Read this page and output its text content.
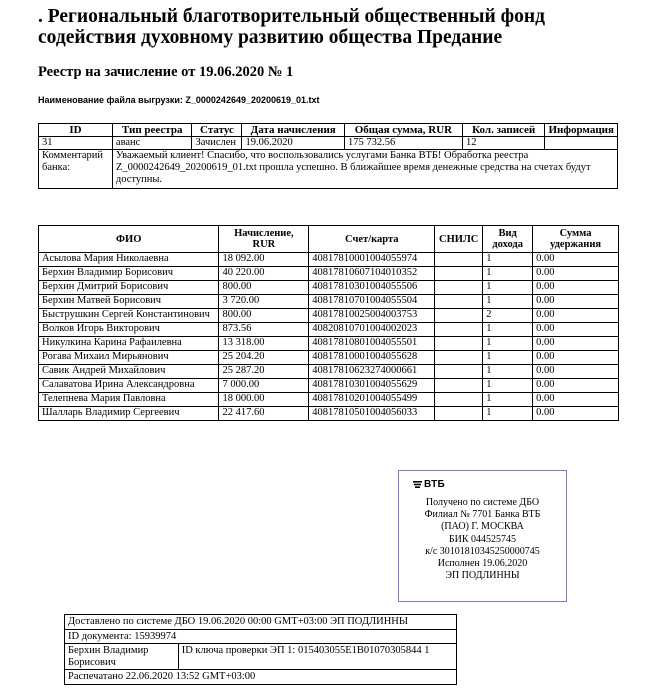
. Региональный благотворительный общественный фонд содействия духовному развитию общества Предание
Реестр на зачисление от 19.06.2020 № 1
Наименование файла выгрузки: Z_0000242649_20200619_01.txt
ID	Тип реестра	Статус	Дата начисления	Общая сумма, RUR	Кол. записей	Информация
31	аванс	Зачислен	19.06.2020	175 732.56	12	
Комментарий банка:	Уважаемый клиент! Спасибо, что воспользовались услугами Банка ВТБ! Обработка реестра Z_0000242649_20200619_01.txt прошла успешно. В ближайшее время денежные средства на счетах будут доступны.					
ФИО	Начисление, RUR	Счет/карта	СНИЛС	Вид дохода	Сумма удержания
Асылова Мария Николаевна	18 092.00	40817810001004055974		1	0.00
Берхин Владимир Борисович	40 220.00	40817810607104010352		1	0.00
Берхин Дмитрий Борисович	800.00	40817810301004055506		1	0.00
Берхин Матвей Борисович	3 720.00	40817810701004055504		1	0.00
Быструшкин Сергей Константинович	800.00	40817810025004003753		2	0.00
Волков Игорь Викторович	873.56	40820810701004002023		1	0.00
Никулкина Карина Рафаилевна	13 318.00	40817810801004055501		1	0.00
Рогава Михаил Мирьянович	25 204.20	40817810001004055628		1	0.00
Савик Андрей Михайлович	25 287.20	40817810623274000661		1	0.00
Салаватова Ирина Александровна	7 000.00	40817810301004055629		1	0.00
Телепнева Мария Павловна	18 000.00	40817810201004055499		1	0.00
Шалларь Владимир Сергеевич	22 417.60	40817810501004056033		1	0.00
ВТБ
Получено по системе ДБО
Филиал № 7701 Банка ВТБ
(ПАО) Г. МОСКВА
БИК 044525745
к/с 30101810345250000745
Исполнен 19.06.2020
ЭП ПОДЛИННЫ
Доставлено по системе ДБО 19.06.2020 00:00 GMT+03:00 ЭП ПОДЛИННЫ
ID документа: 15939974
Берхин Владимир Борисович	ID ключа проверки ЭП 1: 015403055E1B01070305844 1
Распечатано 22.06.2020 13:52 GMT+03:00
